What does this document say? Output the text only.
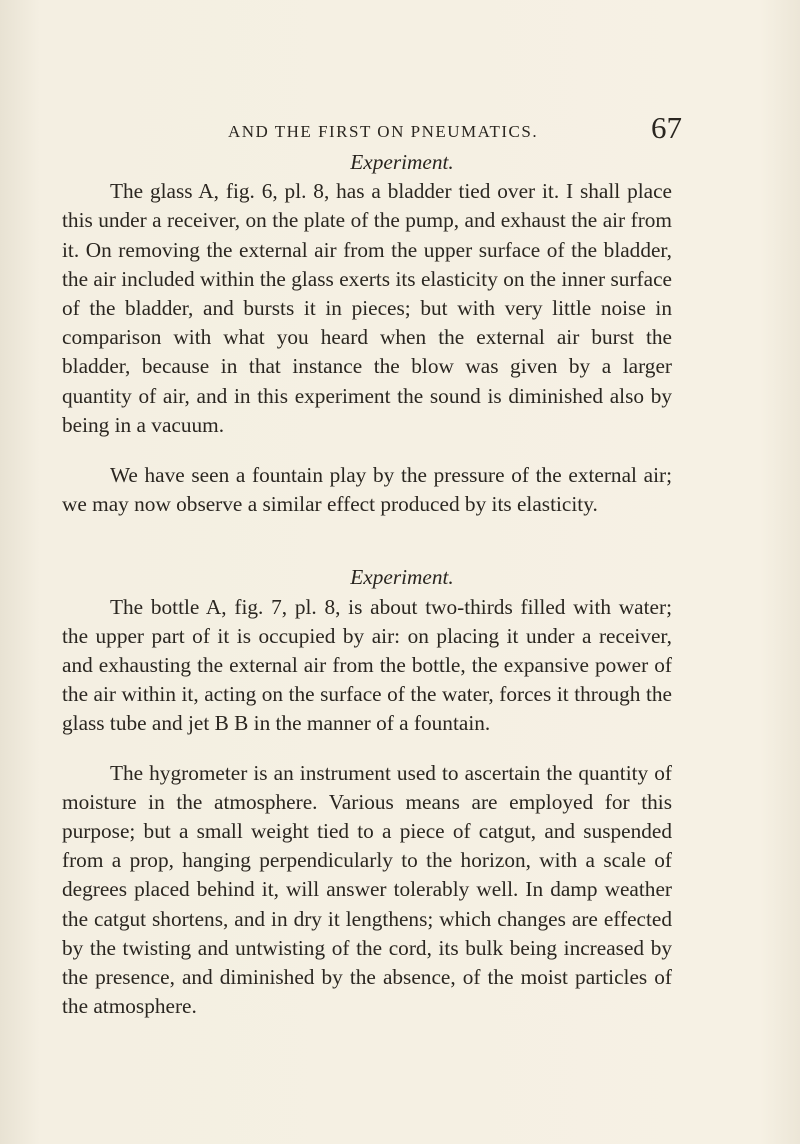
AND THE FIRST ON PNEUMATICS.	67

Experiment.

The glass A, fig. 6, pl. 8, has a bladder tied over it. I shall place this under a receiver, on the plate of the pump, and exhaust the air from it. On removing the external air from the upper surface of the bladder, the air included within the glass exerts its elasticity on the inner surface of the bladder, and bursts it in pieces; but with very little noise in comparison with what you heard when the external air burst the bladder, because in that instance the blow was given by a larger quantity of air, and in this experiment the sound is diminished also by being in a vacuum.

We have seen a fountain play by the pressure of the external air; we may now observe a similar effect produced by its elasticity.

Experiment.

The bottle A, fig. 7, pl. 8, is about two-thirds filled with water; the upper part of it is occupied by air: on placing it under a receiver, and exhausting the external air from the bottle, the expansive power of the air within it, acting on the surface of the water, forces it through the glass tube and jet B B in the manner of a fountain.

The hygrometer is an instrument used to ascertain the quantity of moisture in the atmosphere. Various means are employed for this purpose; but a small weight tied to a piece of catgut, and suspended from a prop, hanging perpendicularly to the horizon, with a scale of degrees placed behind it, will answer tolerably well. In damp weather the catgut shortens, and in dry it lengthens; which changes are effected by the twisting and untwisting of the cord, its bulk being increased by the presence, and diminished by the absence, of the moist particles of the atmosphere.
